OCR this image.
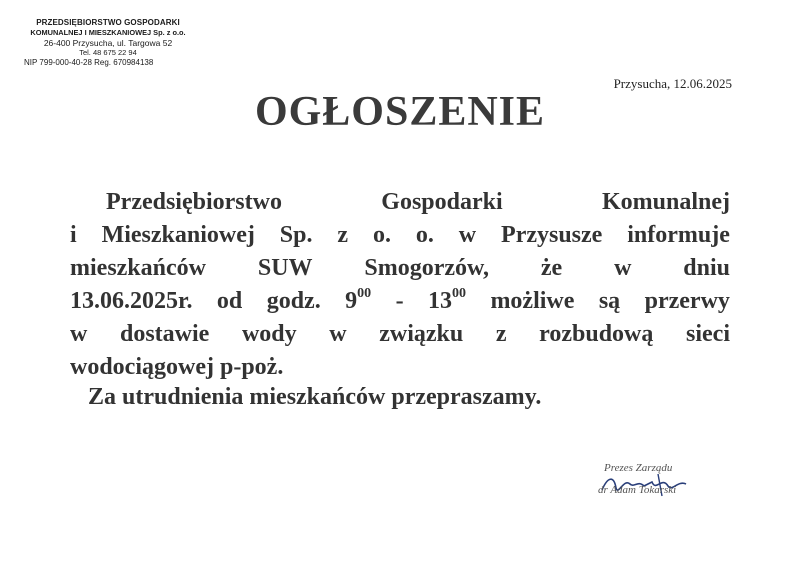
PRZEDSIĘBIORSTWO GOSPODARKI
KOMUNALNEJ I MIESZKANIOWEJ Sp. z o.o.
26-400 Przysucha, ul. Targowa 52
Tel. 48 675 22 94
NIP 799-000-40-28 Reg. 670984138
Przysucha, 12.06.2025
OGŁOSZENIE
Przedsiębiorstwo	Gospodarki	Komunalnej
i Mieszkaniowej Sp. z o. o. w Przysusze informuje
mieszkańców SUW Smogorzów, że w dniu
13.06.2025r. od godz. $9^{00} - 13^{00}$ możliwe są przerwy
w dostawie wody w związku z rozbudową sieci
wodociągowej p-poż.
Za utrudnienia mieszkańców przepraszamy.
Prezes Zarządu
dr Adam Tokarski
